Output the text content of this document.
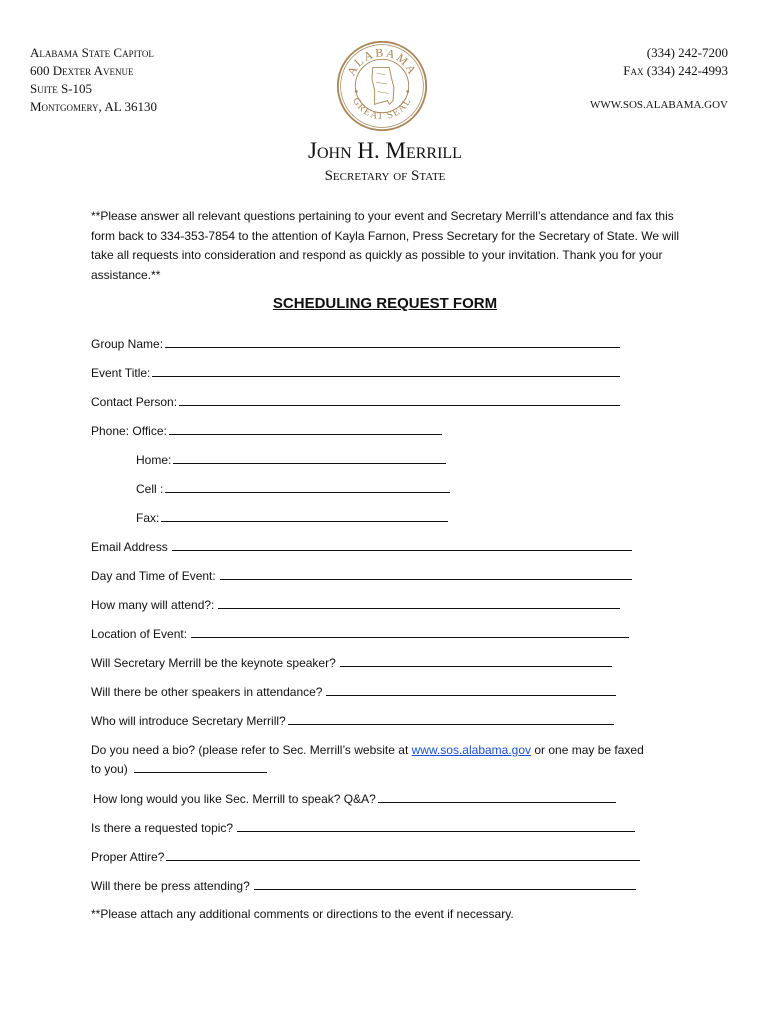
Alabama State Capitol
600 Dexter Avenue
Suite S-105
Montgomery, AL 36130
(334) 242-7200
Fax (334) 242-4993
WWW.SOS.ALABAMA.GOV
ALABAMA
GREAT SEAL
John H. Merrill
Secretary of State
**Please answer all relevant questions pertaining to your event and Secretary Merrill’s attendance and fax this form back to 334-353-7854 to the attention of Kayla Farnon, Press Secretary for the Secretary of State. We will take all requests into consideration and respond as quickly as possible to your invitation. Thank you for your assistance.**
SCHEDULING REQUEST FORM
Group Name:
Event Title:
Contact Person:
Phone: Office:
Home:
Cell :
Fax:
Email Address
Day and Time of Event:
How many will attend?:
Location of Event:
Will Secretary Merrill be the keynote speaker?
Will there be other speakers in attendance?
Who will introduce Secretary Merrill?
Do you need a bio? (please refer to Sec. Merrill’s website at www.sos.alabama.gov or one may be faxed
to you)
How long would you like Sec. Merrill to speak? Q&A?
Is there a requested topic?
Proper Attire?
Will there be press attending?
**Please attach any additional comments or directions to the event if necessary.
